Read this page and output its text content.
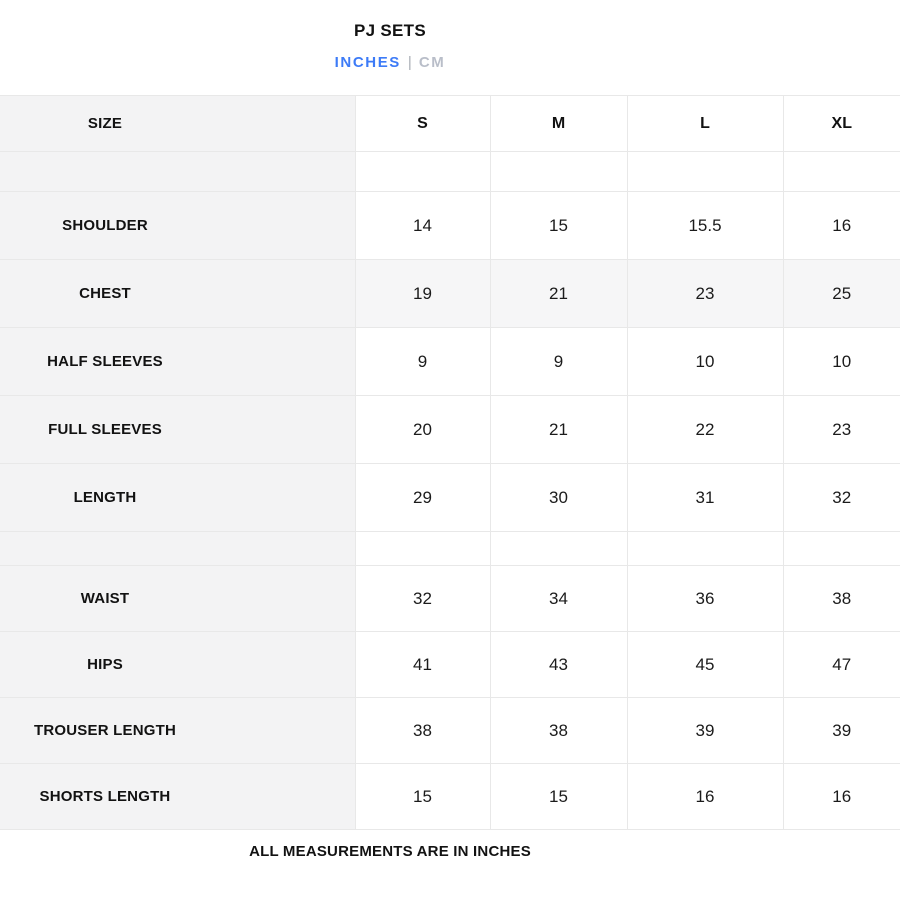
PJ SETS
INCHES | CM
SIZE	S	M	L	XL

SHOULDER	14	15	15.5	16

CHEST	19	21	23	25

HALF SLEEVES	9	9	10	10

FULL SLEEVES	20	21	22	23

LENGTH	29	30	31	32

WAIST	32	34	36	38

HIPS	41	43	45	47

TROUSER LENGTH	38	38	39	39

SHORTS LENGTH	15	15	16	16
ALL MEASUREMENTS ARE IN INCHES
